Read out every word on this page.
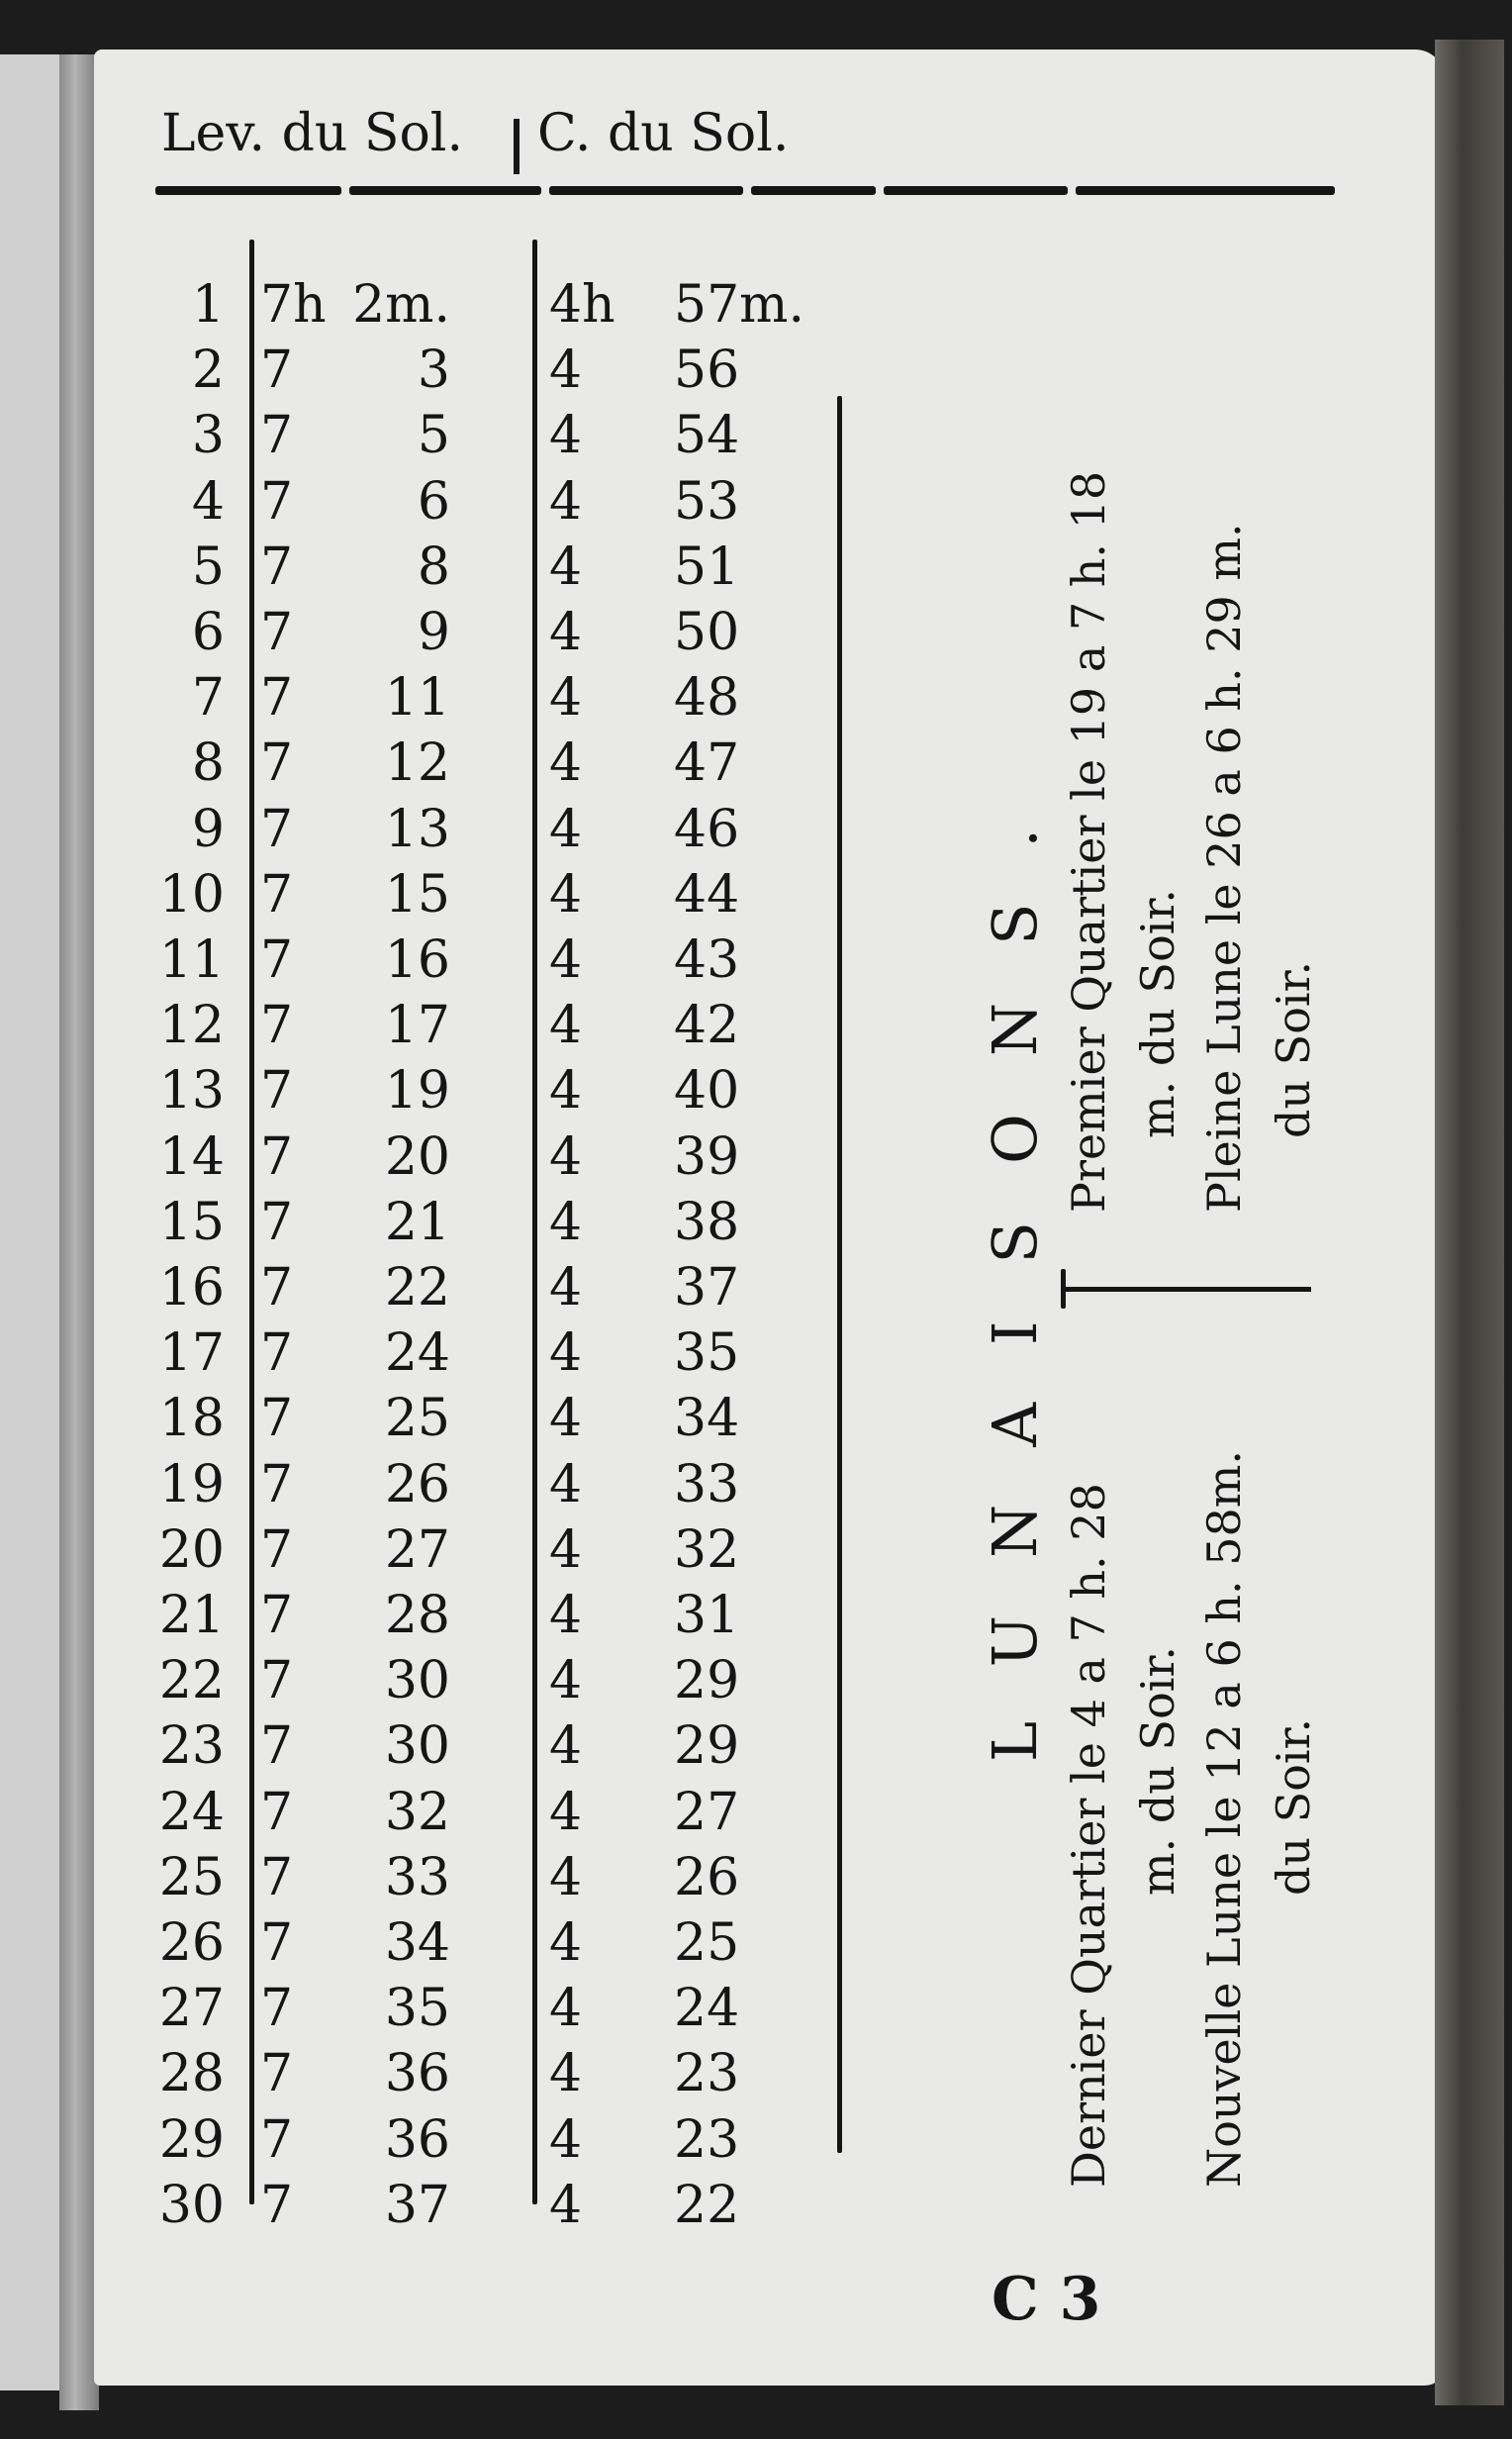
Lev. du Sol. C. du Sol.
1 7h 2m. 4h 57m.
2 7	3 4 56
3 7	5 4 54
4 7	6 4 53
5 7	8 4 51
6 7	9 4 50
7 7	11 4 48
8 7	12 4 47
9 7	13 4 46
10 7	15 4 44
11 7	16 4 43
12 7	17 4 42
13 7	19 4 40
14 7	20 4 39
15 7	21 4 38
16 7	22 4 37
17 7	24 4 35
18 7	25 4 34
19 7	26 4 33
20 7	27 4 32
21 7	28 4 31
22 7	30 4 29
23 7	30 4 29
24 7	32 4 27
25 7	33 4 26
26 7	34 4 25
27 7	35 4 24
28 7	36 4 23
29 7	36 4 23
30 7	37 4 22
LUNAISONS.
Dernier Quartier le 4 a 7 h. 28 m. du Soir. Nouvelle Lune le 12 a 6 h. 58m. du Soir.
Premier Quartier le 19 a 7 h. 18 m. du Soir. Pleine Lune le 26 a 6 h. 29 m. du Soir.
C 3
